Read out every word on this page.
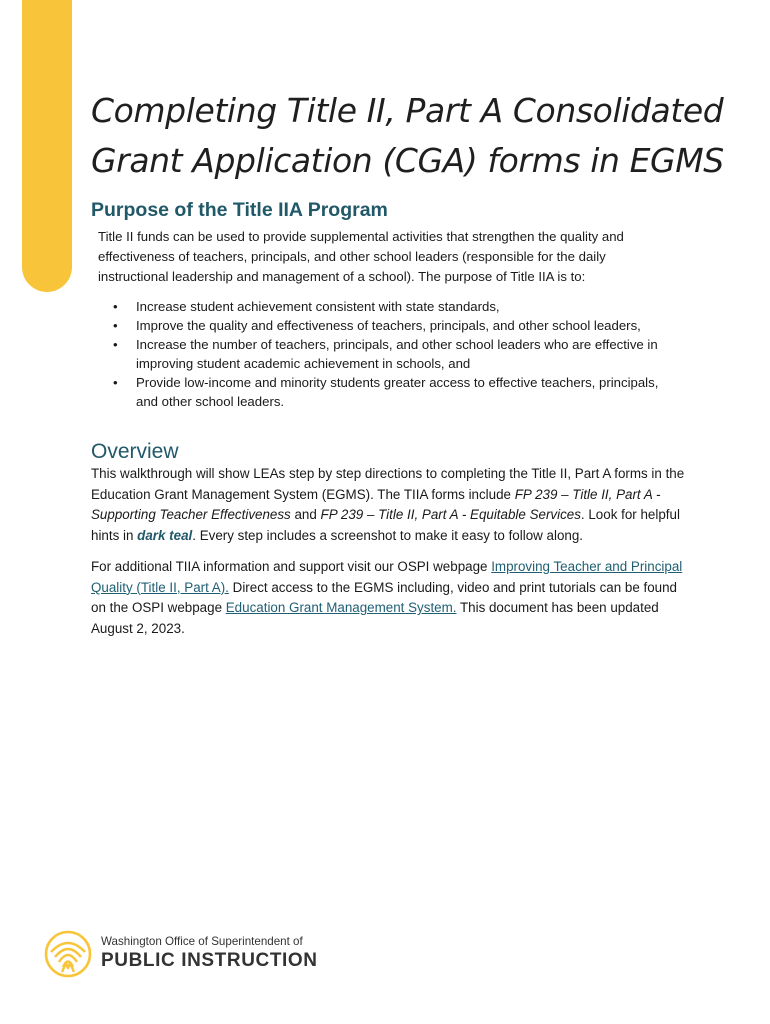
Completing Title II, Part A Consolidated
Grant Application (CGA) forms in EGMS
Purpose of the Title IIA Program

Title II funds can be used to provide supplemental activities that strengthen the quality and effectiveness of teachers, principals, and other school leaders (responsible for the daily instructional leadership and management of a school). The purpose of Title IIA is to:

• Increase student achievement consistent with state standards,
• Improve the quality and effectiveness of teachers, principals, and other school leaders,
• Increase the number of teachers, principals, and other school leaders who are effective in improving student academic achievement in schools, and
• Provide low-income and minority students greater access to effective teachers, principals, and other school leaders.
Overview

This walkthrough will show LEAs step by step directions to completing the Title II, Part A forms in the Education Grant Management System (EGMS). The TIIA forms include FP 239 – Title II, Part A - Supporting Teacher Effectiveness and FP 239 – Title II, Part A - Equitable Services. Look for helpful hints in dark teal. Every step includes a screenshot to make it easy to follow along.

For additional TIIA information and support visit our OSPI webpage Improving Teacher and Principal Quality (Title II, Part A). Direct access to the EGMS including, video and print tutorials can be found on the OSPI webpage Education Grant Management System. This document has been updated August 2, 2023.

Washington Office of Superintendent of
PUBLIC INSTRUCTION
